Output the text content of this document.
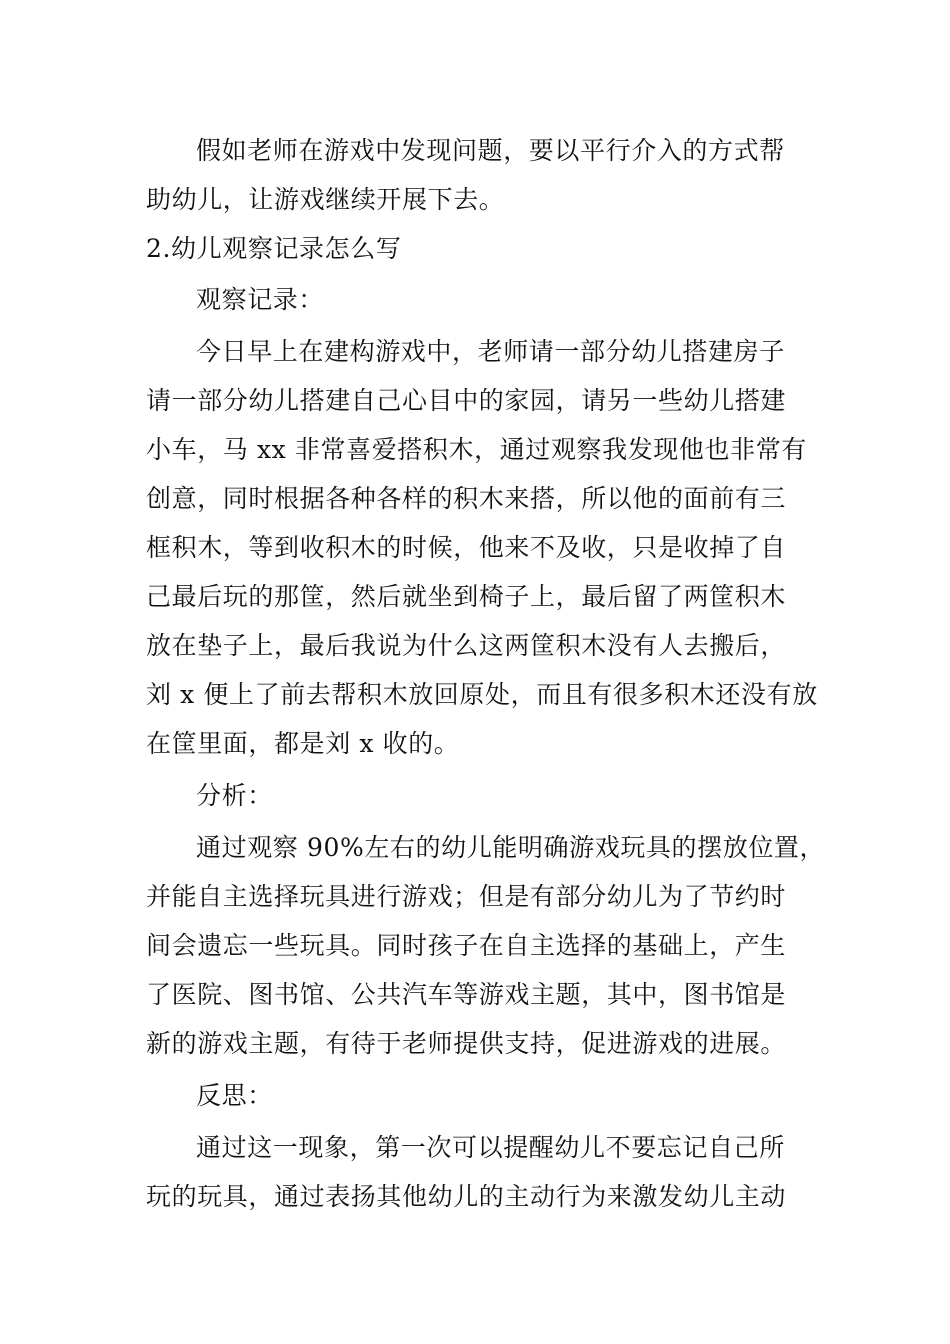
假如老师在游戏中发现问题，要以平行介入的方式帮
助幼儿，让游戏继续开展下去。
2.幼儿观察记录怎么写
观察记录：
今日早上在建构游戏中，老师请一部分幼儿搭建房子
请一部分幼儿搭建自己心目中的家园，请另一些幼儿搭建
小车，马 xx 非常喜爱搭积木，通过观察我发现他也非常有
创意，同时根据各种各样的积木来搭，所以他的面前有三
框积木，等到收积木的时候，他来不及收，只是收掉了自
己最后玩的那筐，然后就坐到椅子上，最后留了两筐积木
放在垫子上，最后我说为什么这两筐积木没有人去搬后，
刘 x 便上了前去帮积木放回原处，而且有很多积木还没有放
在筐里面，都是刘 x 收的。
分析：
通过观察 90%左右的幼儿能明确游戏玩具的摆放位置，
并能自主选择玩具进行游戏；但是有部分幼儿为了节约时
间会遗忘一些玩具。同时孩子在自主选择的基础上，产生
了医院、图书馆、公共汽车等游戏主题，其中，图书馆是
新的游戏主题，有待于老师提供支持，促进游戏的进展。
反思：
通过这一现象，第一次可以提醒幼儿不要忘记自己所
玩的玩具，通过表扬其他幼儿的主动行为来激发幼儿主动
